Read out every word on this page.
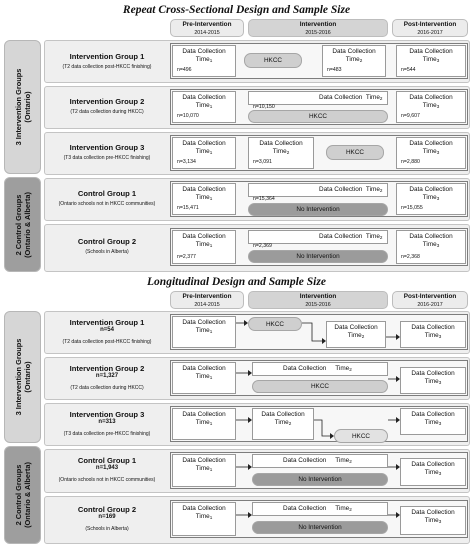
Repeat Cross-Sectional Design and Sample Size
Pre-Intervention
2014-2015
Intervention
2015-2016
Post-Intervention
2016-2017
3 Intervention Groups (Ontario)
2 Control Groups (Ontario & Alberta)
Intervention Group 1
(T2 data collection post-HKCC finishing)
Intervention Group 2
(T2 data collection during HKCC)
Intervention Group 3
(T3 data collection pre-HKCC finishing)
Control Group 1
(Ontario schools not in HKCC communities)
Control Group 2
(Schools in Alberta)
Data Collection
Time$_1$
n=496
HKCC
Data Collection
Time$_2$
n=483
Data Collection
Time$_3$
n=544
Data Collection
Time$_1$
n=10,070
Data Collection Time$_2$
n=10,150
HKCC
Data Collection
Time$_3$
n=9,607
Data Collection
Time$_1$
n=3,134
Data Collection
Time$_2$
n=3,091
HKCC
Data Collection
Time$_3$
n=2,880
Data Collection
Time$_1$
n=15,471
Data Collection Time$_2$
n=15,364
No Intervention
Data Collection
Time$_3$
n=15,055
Data Collection
Time$_1$
n=2,377
Data Collection Time$_2$
n=2,369
No Intervention
Data Collection
Time$_3$
n=2,368
Longitudinal Design and Sample Size
Pre-Intervention
2014-2015
Intervention
2015-2016
Post-Intervention
2016-2017
3 Intervention Groups (Ontario)
2 Control Groups (Ontario & Alberta)
Intervention Group 1
n=54
(T2 data collection post-HKCC finishing)
Intervention Group 2
n=1,327
(T2 data collection during HKCC)
Intervention Group 3
n=313
(T3 data collection pre-HKCC finishing)
Control Group 1
n=1,943
(Ontario schools not in HKCC communities)
Control Group 2
n=169
(Schools in Alberta)
Data Collection
Time$_1$
HKCC	Data Collection
Time$_2$
Data Collection
Time$_3$
Data Collection
Time$_1$
Data Collection Time$_2$
HKCC
Data Collection
Time$_3$
Data Collection
Time$_1$
Data Collection
Time$_2$
HKCC
Data Collection
Time$_3$
Data Collection
Time$_1$
Data Collection Time$_2$
No Intervention
Data Collection
Time$_3$
Data Collection
Time$_1$
Data Collection Time$_2$
No Intervention
Data Collection
Time$_3$
